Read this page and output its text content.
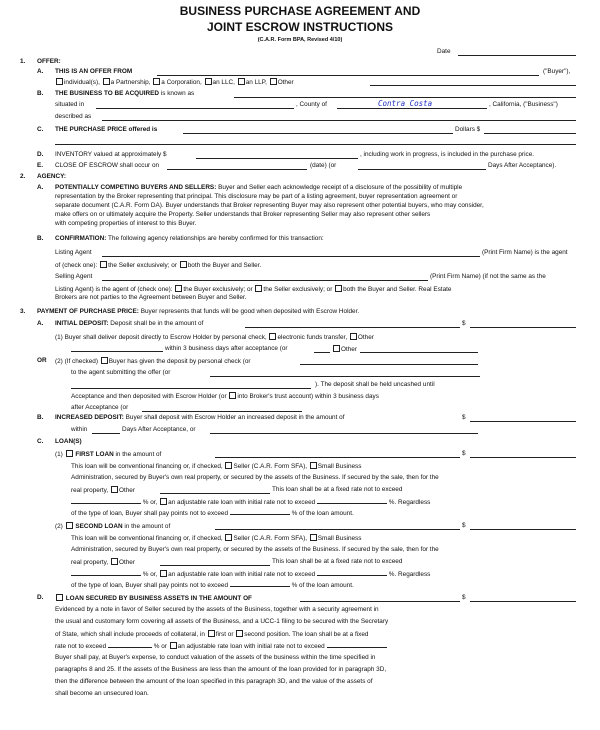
BUSINESS PURCHASE AGREEMENT AND
JOINT ESCROW INSTRUCTIONS
(C.A.R. Form BPA, Revised 4/10)
Date
1. OFFER:
A. THIS IS AN OFFER FROM	("Buyer"),
individual(s), a Partnership, a Corporation, an LLC, an LLP, Other
B. THE BUSINESS TO BE ACQUIRED is known as
situated in	, County of	Contra Costa	, California, ("Business")
described as
C. THE PURCHASE PRICE offered is	Dollars $
D. INVENTORY valued at approximately $	, including work in progress, is included in the purchase price.
E. CLOSE OF ESCROW shall occur on	(date) (or	Days After Acceptance).
2. AGENCY:
A. POTENTIALLY COMPETING BUYERS AND SELLERS: Buyer and Seller each acknowledge receipt of a disclosure of the possibility of multiple
representation by the Broker representing that principal. This disclosure may be part of a listing agreement, buyer representation agreement or
separate document (C.A.R. Form DA). Buyer understands that Broker representing Buyer may also represent other potential buyers, who may consider,
make offers on or ultimately acquire the Property. Seller understands that Broker representing Seller may also represent other sellers
with competing properties of interest to this Buyer.
B. CONFIRMATION: The following agency relationships are hereby confirmed for this transaction:
Listing Agent	(Print Firm Name) is the agent
of (check one): the Seller exclusively; or both the Buyer and Seller.
Selling Agent	(Print Firm Name) (if not the same as the
Listing Agent) is the agent of (check one): the Buyer exclusively; or the Seller exclusively; or both the Buyer and Seller. Real Estate
Brokers are not parties to the Agreement between Buyer and Seller.
3. PAYMENT OF PURCHASE PRICE: Buyer represents that funds will be good when deposited with Escrow Holder.
A. INITIAL DEPOSIT: Deposit shall be in the amount of	$
(1) Buyer shall deliver deposit directly to Escrow Holder by personal check, electronic funds transfer, Other
within 3 business days after acceptance (or	Other
OR (2) (If checked) Buyer has given the deposit by personal check (or
to the agent submitting the offer (or
). The deposit shall be held uncashed until
Acceptance and then deposited with Escrow Holder (or into Broker's trust account) within 3 business days
after Acceptance (or
B. INCREASED DEPOSIT: Buyer shall deposit with Escrow Holder an increased deposit in the amount of	$
within	Days After Acceptance, or
C. LOAN(S)
(1) FIRST LOAN in the amount of	$
This loan will be conventional financing or, if checked, Seller (C.A.R. Form SFA), Small Business
Administration, secured by Buyer's own real property, or secured by the assets of the Business. If secured by the sale, then for the
real property, Other	This loan shall be at a fixed rate not to exceed
% or, an adjustable rate loan with initial rate not to exceed	%. Regardless
of the type of loan, Buyer shall pay points not to exceed	% of the loan amount.
(2) SECOND LOAN in the amount of	$
This loan will be conventional financing or, if checked, Seller (C.A.R. Form SFA), Small Business
Administration, secured by Buyer's own real property, or secured by the assets of the Business. If secured by the sale, then for the
real property, Other	This loan shall be at a fixed rate not to exceed
% or, an adjustable rate loan with initial rate not to exceed	%. Regardless
of the type of loan, Buyer shall pay points not to exceed	% of the loan amount.
D.	LOAN SECURED BY BUSINESS ASSETS IN THE AMOUNT OF	$
Evidenced by a note in favor of Seller secured by the assets of the Business, together with a security agreement in
the usual and customary form covering all assets of the Business, and a UCC-1 filing to be secured with the Secretary
of State, which shall include proceeds of collateral, in first or second position. The loan shall be at a fixed
rate not to exceed	% or an adjustable rate loan with initial rate not to exceed
Buyer shall pay, at Buyer's expense, to conduct valuation of the assets of the business within the time specified in
paragraphs 8 and 25. If the assets of the Business are less than the amount of the loan provided for in paragraph 3D,
then the difference between the amount of the loan specified in this paragraph 3D, and the value of the assets of
shall become an unsecured loan.
